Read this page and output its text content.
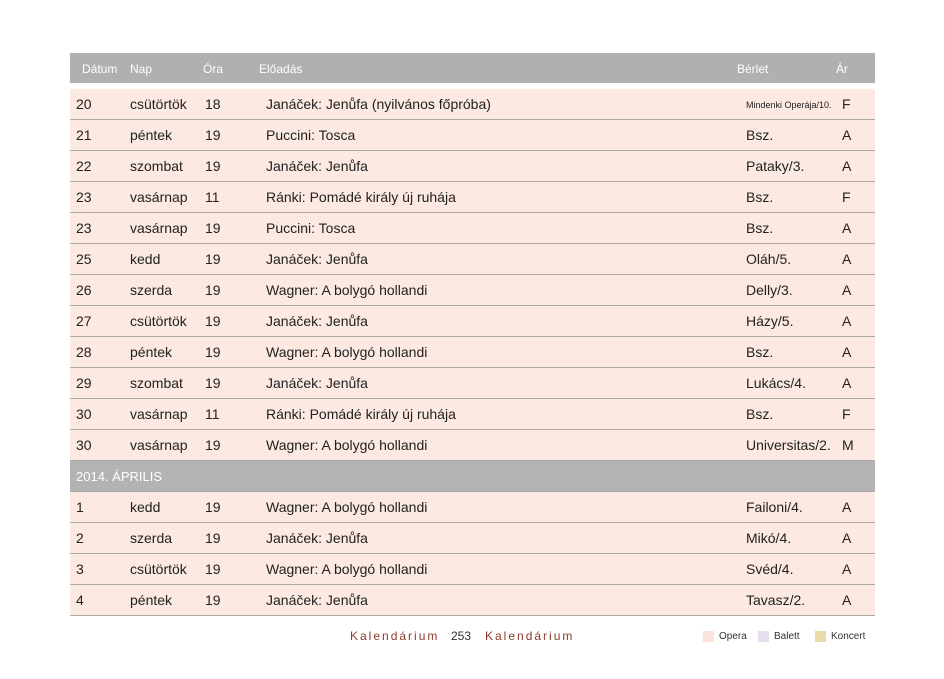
Dátum Nap	Óra	Előadás	Bérlet	Ár
20	csütörtök 18	Janáček: Jenůfa (nyilvános főpróba)	Mindenki Operája/10. F
21	péntek 19	Puccini: Tosca	Bsz.	A
22	szombat 19	Janáček: Jenůfa	Pataky/3.	A
23	vasárnap 11	Ránki: Pomádé király új ruhája	Bsz.	F
23	vasárnap 19	Puccini: Tosca	Bsz.	A
25	kedd	19	Janáček: Jenůfa	Oláh/5.	A
26	szerda 19	Wagner: A bolygó hollandi	Delly/3.	A
27	csütörtök 19	Janáček: Jenůfa	Házy/5.	A
28	péntek 19	Wagner: A bolygó hollandi	Bsz.	A
29	szombat 19	Janáček: Jenůfa	Lukács/4.	A
30	vasárnap 11	Ránki: Pomádé király új ruhája	Bsz.	F
30	vasárnap 19	Wagner: A bolygó hollandi	Universitas/2. M
2014. ÁPRILIS
1	kedd	19	Wagner: A bolygó hollandi	Failoni/4.	A
2	szerda 19	Janáček: Jenůfa	Mikó/4.	A
3	csütörtök 19	Wagner: A bolygó hollandi	Svéd/4.	A
4	péntek 19	Janáček: Jenůfa	Tavasz/2.	A
Kalendárium 253 Kalendárium	Opera	Balett	Koncert
